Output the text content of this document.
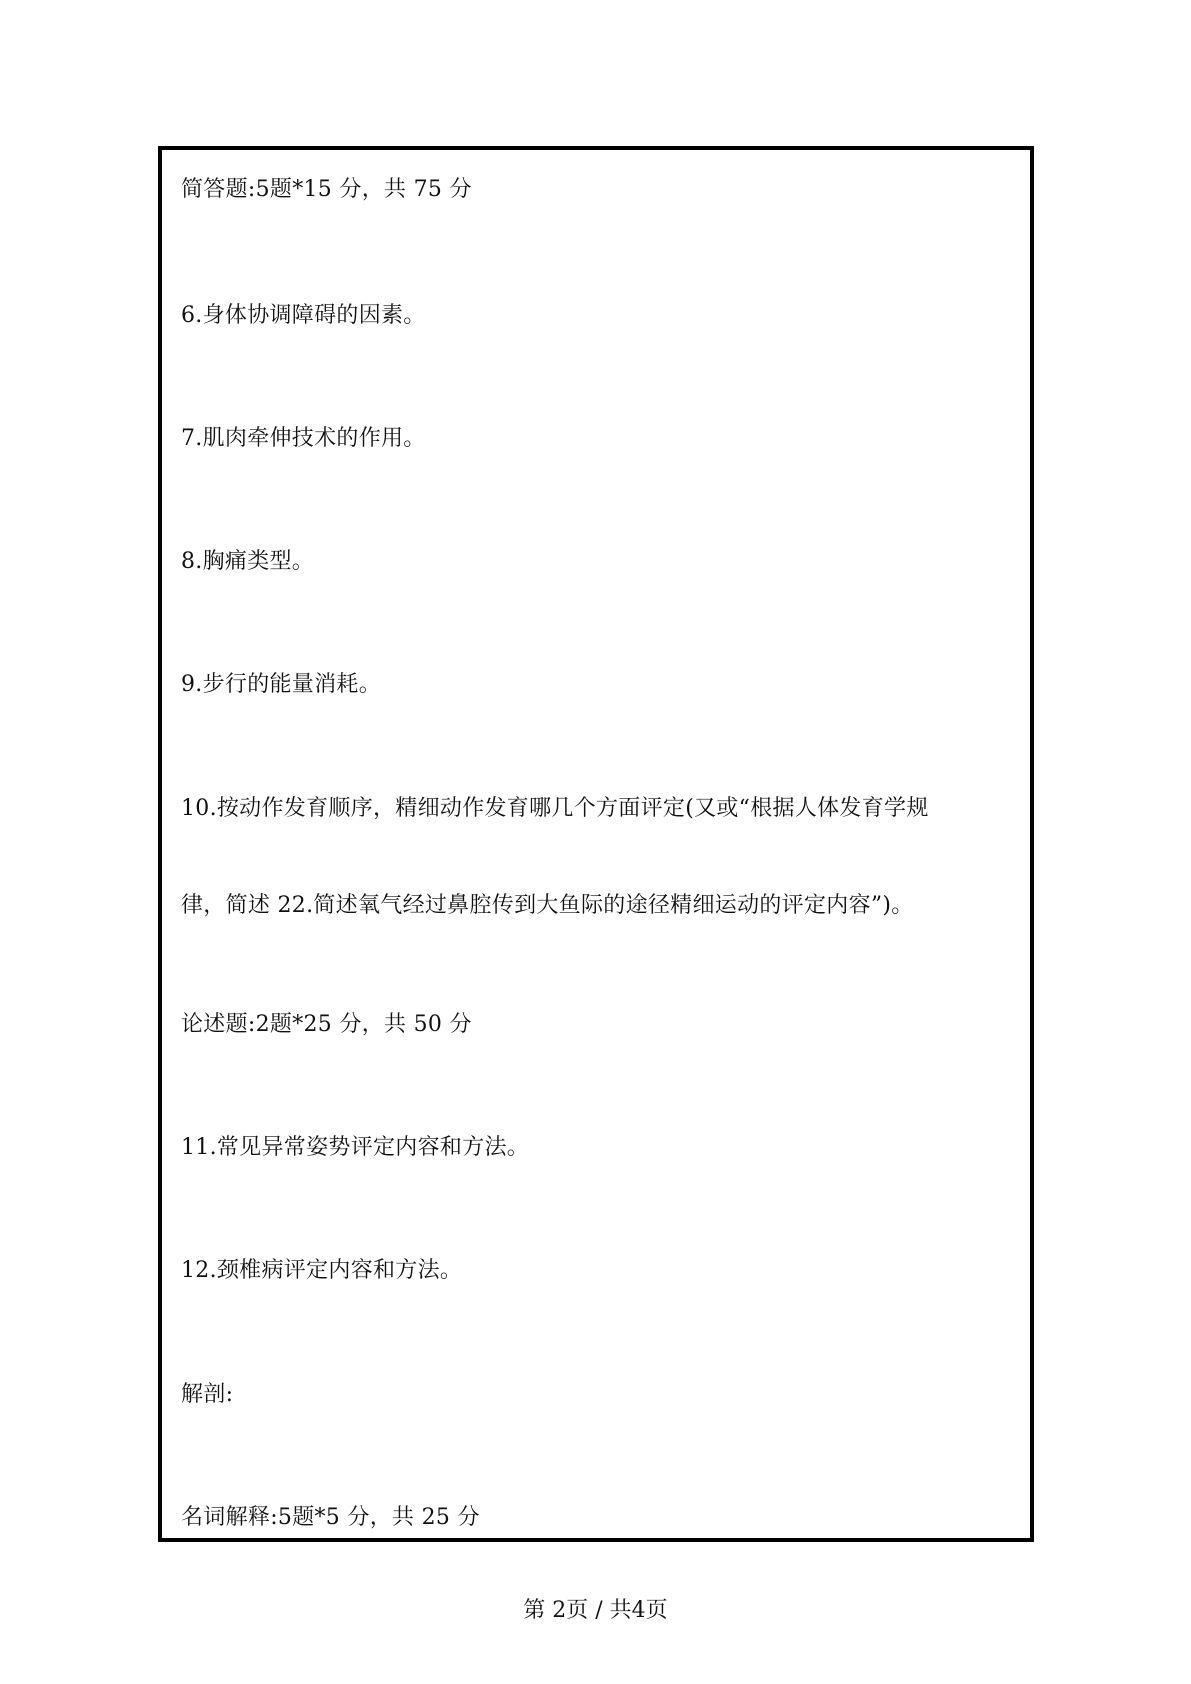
简答题:5题*15 分，共 75 分
6.身体协调障碍的因素。
7.肌肉牵伸技术的作用。
8.胸痛类型。
9.步行的能量消耗。
10.按动作发育顺序，精细动作发育哪几个方面评定(又或“根据人体发育学规
律，简述 22.简述氧气经过鼻腔传到大鱼际的途径精细运动的评定内容”)。
论述题:2题*25 分，共 50 分
11.常见异常姿势评定内容和方法。
12.颈椎病评定内容和方法。
解剖:
名词解释:5题*5 分，共 25 分
第 2页 / 共4页
